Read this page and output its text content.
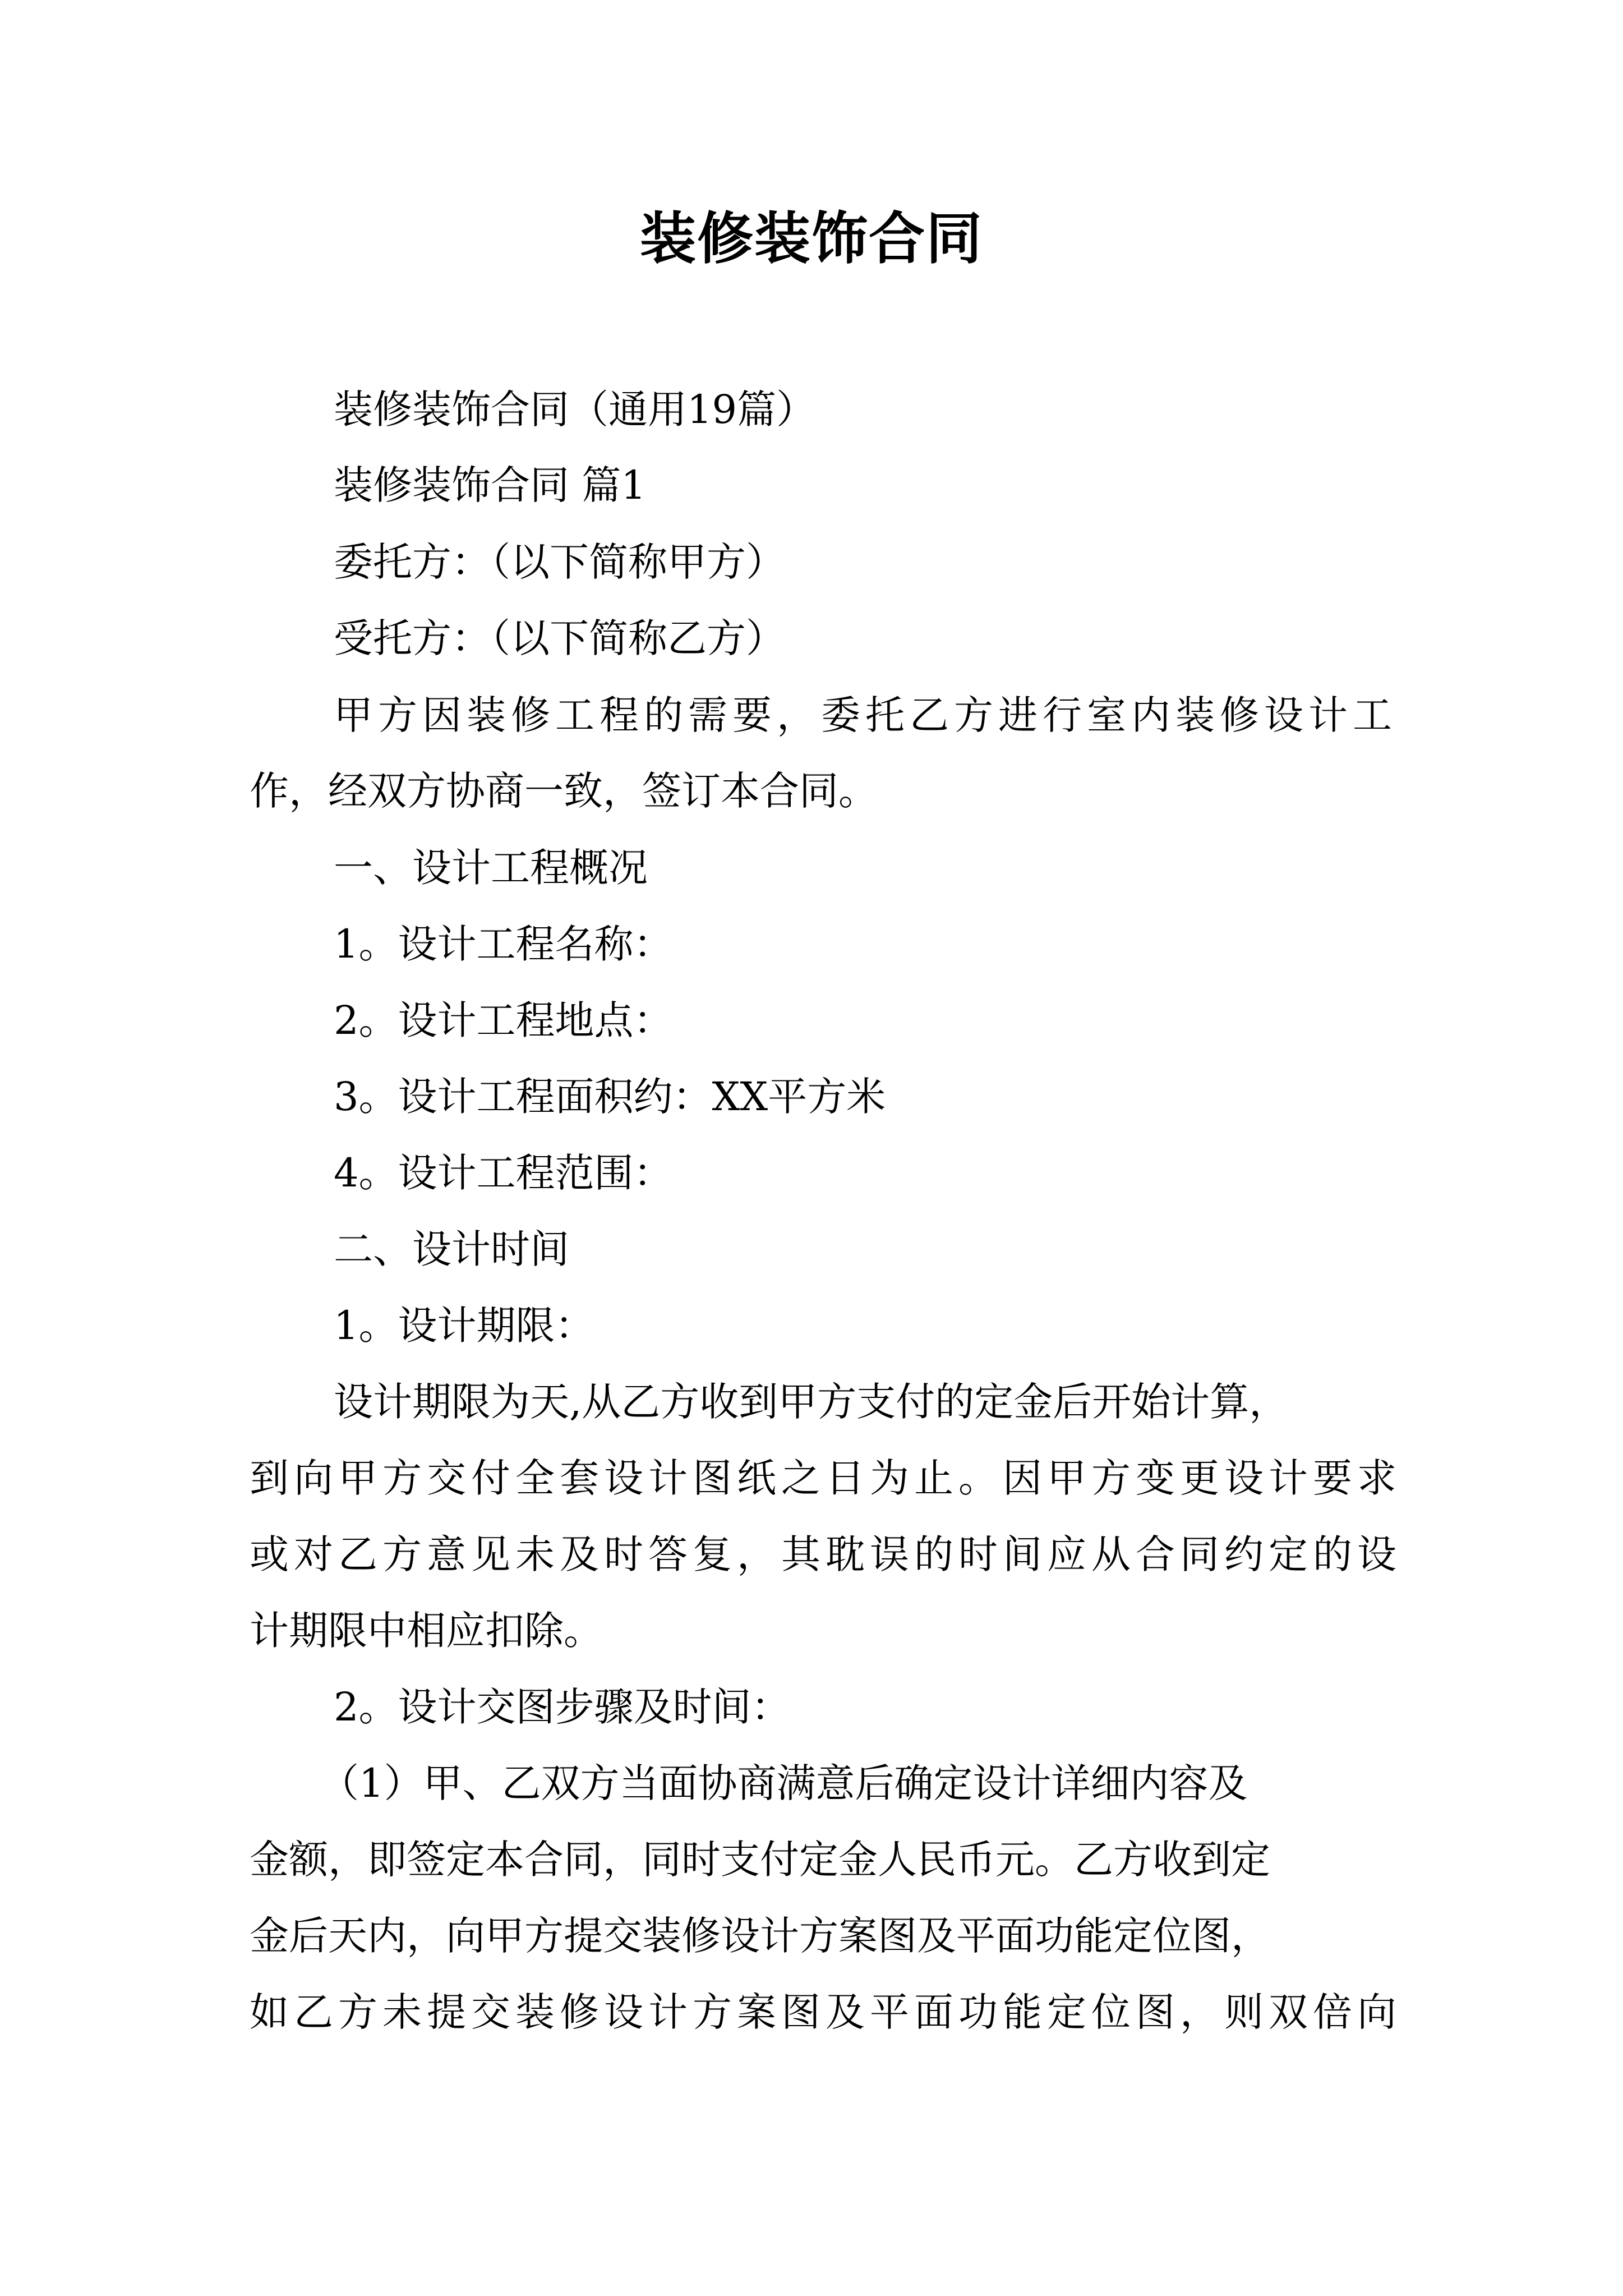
装修装饰合同
装修装饰合同（通用19篇）
装修装饰合同 篇1
委托方：（以下简称甲方）
受托方：（以下简称乙方）
甲方因装修工程的需要，委托乙方进行室内装修设计工
作，经双方协商一致，签订本合同。
一、设计工程概况
1。设计工程名称：
2。设计工程地点：
3。设计工程面积约：XX平方米
4。设计工程范围：
二、设计时间
1。设计期限：
设计期限为天,从乙方收到甲方支付的定金后开始计算，
到向甲方交付全套设计图纸之日为止。因甲方变更设计要求
或对乙方意见未及时答复，其耽误的时间应从合同约定的设
计期限中相应扣除。
2。设计交图步骤及时间：
（1）甲、乙双方当面协商满意后确定设计详细内容及
金额，即签定本合同，同时支付定金人民币元。乙方收到定
金后天内，向甲方提交装修设计方案图及平面功能定位图，
如乙方未提交装修设计方案图及平面功能定位图，则双倍向
